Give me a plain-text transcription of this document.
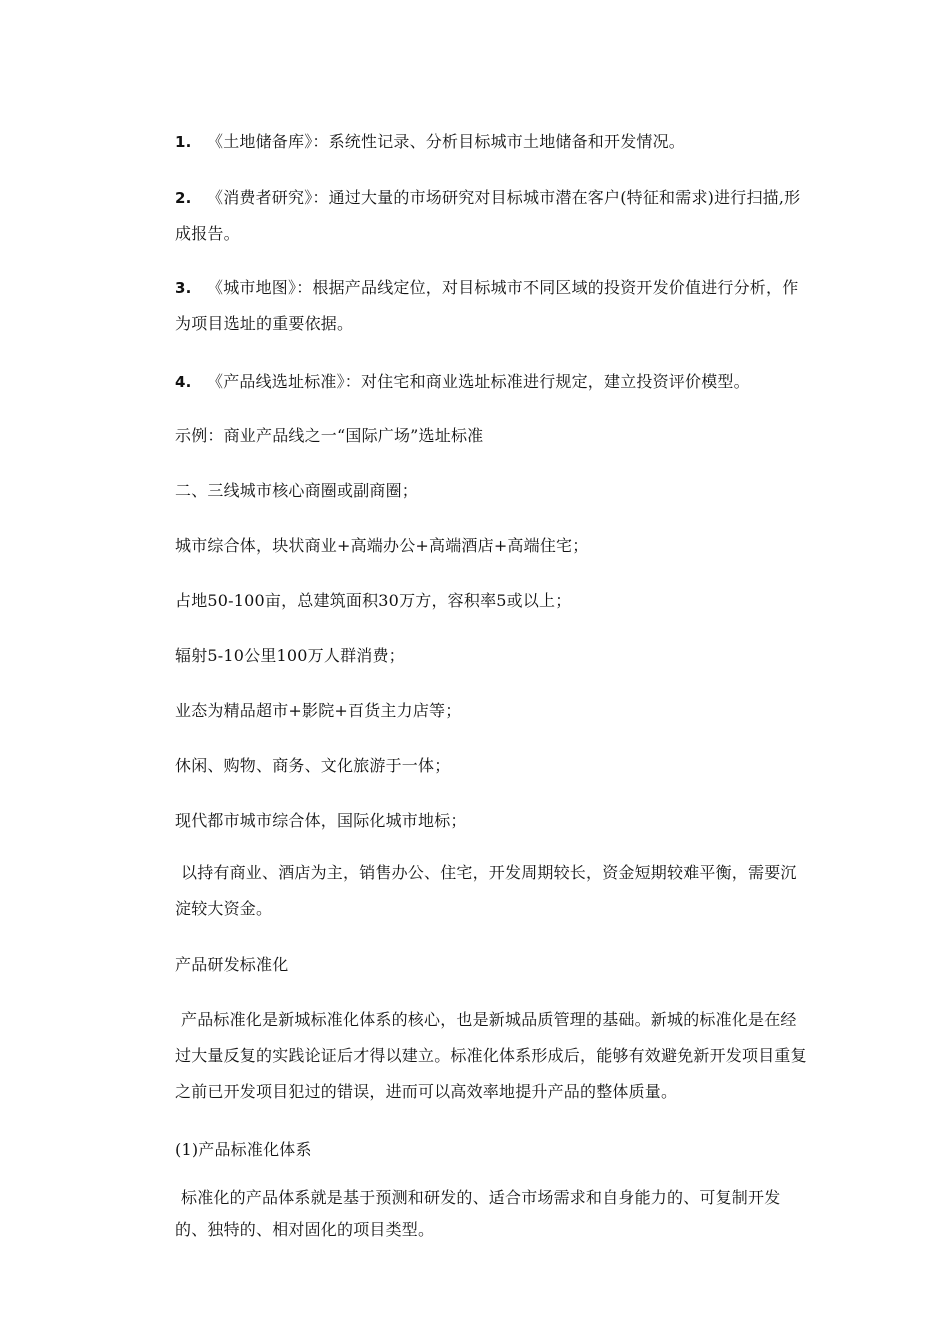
1. 《土地储备库》：系统性记录、分析目标城市土地储备和开发情况。
2. 《消费者研究》：通过大量的市场研究对目标城市潜在客户(特征和需求)进行扫描,形成报告。
3. 《城市地图》：根据产品线定位，对目标城市不同区域的投资开发价值进行分析，作为项目选址的重要依据。
4. 《产品线选址标准》：对住宅和商业选址标准进行规定，建立投资评价模型。
示例：商业产品线之一“国际广场”选址标准
二、三线城市核心商圈或副商圈；
城市综合体，块状商业+高端办公+高端酒店+高端住宅；
占地50-100亩，总建筑面积30万方，容积率5或以上；
辐射5-10公里100万人群消费；
业态为精品超市+影院+百货主力店等；
休闲、购物、商务、文化旅游于一体；
现代都市城市综合体，国际化城市地标；
以持有商业、酒店为主，销售办公、住宅，开发周期较长，资金短期较难平衡，需要沉淀较大资金。
产品研发标准化
产品标准化是新城标准化体系的核心，也是新城品质管理的基础。新城的标准化是在经过大量反复的实践论证后才得以建立。标准化体系形成后，能够有效避免新开发项目重复之前已开发项目犯过的错误，进而可以高效率地提升产品的整体质量。
(1)产品标准化体系
标准化的产品体系就是基于预测和研发的、适合市场需求和自身能力的、可复制开发的、独特的、相对固化的项目类型。
